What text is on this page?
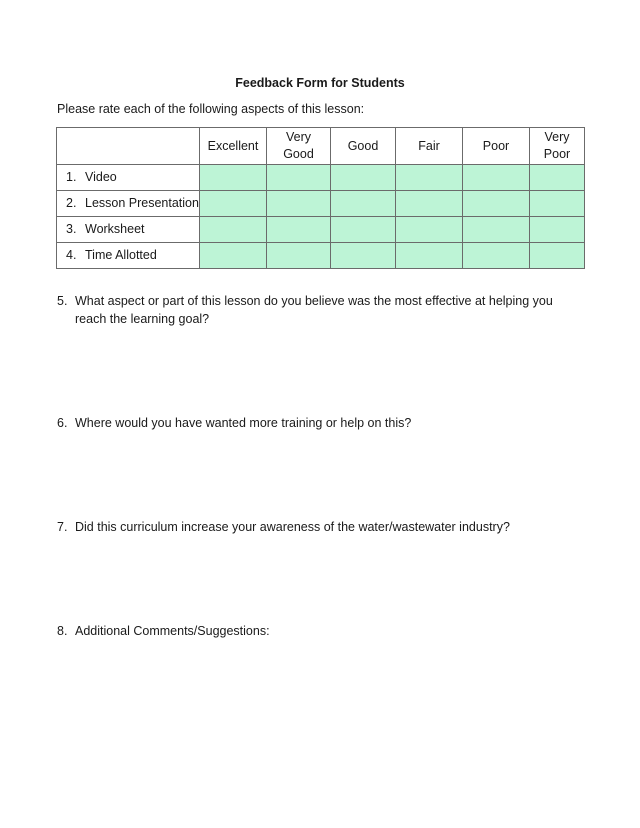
Feedback Form for Students
Please rate each of the following aspects of this lesson:
	Excellent	Very Good	Good	Fair	Poor	Very Poor
1. Video						
2. Lesson Presentation						
3. Worksheet						
4. Time Allotted						
5. What aspect or part of this lesson do you believe was the most effective at helping you reach the learning goal?
6. Where would you have wanted more training or help on this?
7. Did this curriculum increase your awareness of the water/wastewater industry?
8. Additional Comments/Suggestions:
